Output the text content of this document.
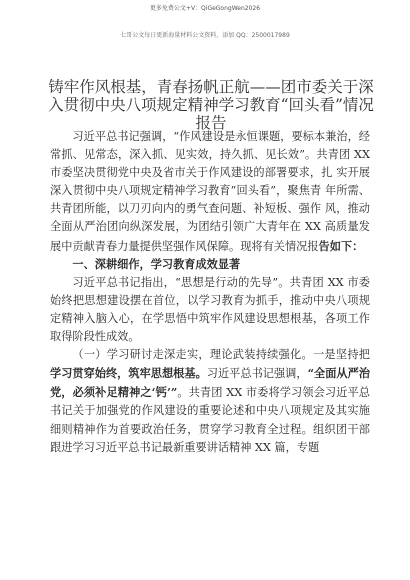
更多免费公文+V：QiGeGongWen2026
七哥公文每日更新海量材料公文资料，添加 QQ：2500017989
铸牢作风根基，青春扬帆正航——团市委关于深入贯彻中央八项规定精神学习教育“回头看”情况报告

习近平总书记强调，“作风建设是永恒课题，要标本兼治，经常抓、见常态，深入抓、见实效，持久抓、见长效”。共青团 XX 市委坚决贯彻党中央及省市关于作风建设的部署要求，扎 实开展深入贯彻中央八项规定精神学习教育”回头看”，聚焦青 年所需、共青团所能，以刀刃向内的勇气查问题、补短板、强作 风，推动全面从严治团向纵深发展，为团结引领广大青年在 XX 高质量发展中贡献青春力量提供坚强作风保障。现将有关情况报告如下：

一、深耕细作，学习教育成效显著

习近平总书记指出，“思想是行动的先导”。共青团 XX 市委始终把思想建设摆在首位，以学习教育为抓手，推动中央八项规定精神入脑入心，在学思悟中筑牢作风建设思想根基，各项工作取得阶段性成效。

（一）学习研讨走深走实，理论武装持续强化。一是坚持把学习贯穿始终，筑牢思想根基。习近平总书记强调，“全面从严治党，必须补足精神之‘钙’”。共青团 XX 市委将学习领会习近平总书记关于加强党的作风建设的重要论述和中央八项规定及其实施细则精神作为首要政治任务，贯穿学习教育全过程。组织团干部跟进学习习近平总书记最新重要讲话精神 XX 篇，专题
